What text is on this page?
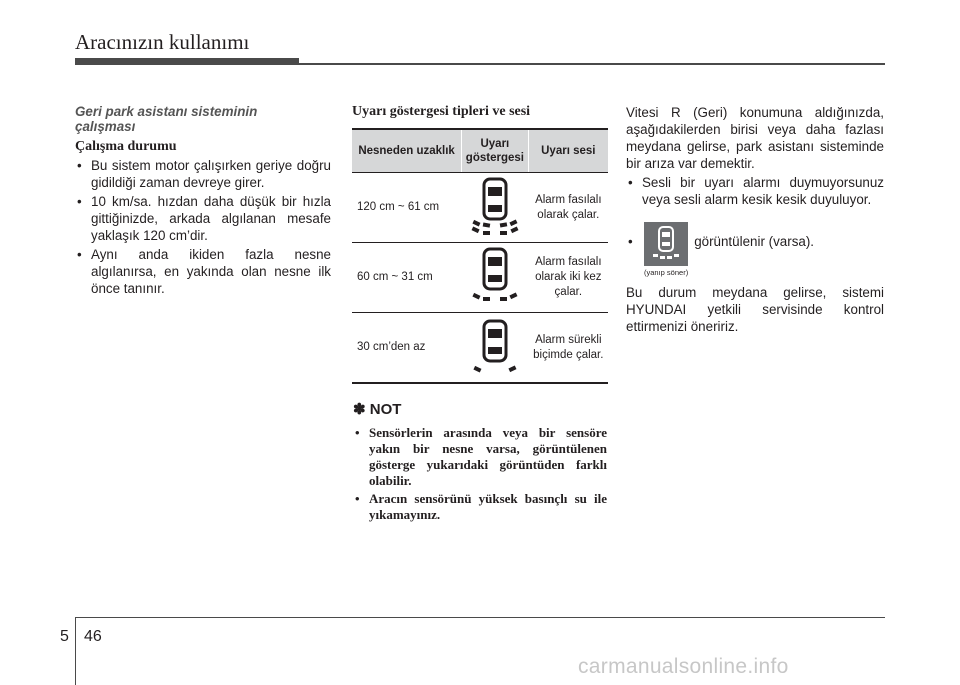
Aracınızın kullanımı
Geri park asistanı sisteminin çalışması
Çalışma durumu
• Bu sistem motor çalışırken geriye doğru gidildiği zaman devreye girer.
• 10 km/sa. hızdan daha düşük bir hızla gittiğinizde, arkada algılanan mesafe yaklaşık 120 cm’dir.
• Aynı anda ikiden fazla nesne algılanırsa, en yakında olan nesne ilk önce tanınır.
Uyarı göstergesi tipleri ve sesi
Nesneden uzaklık
Uyarı göstergesi
Uyarı sesi
120 cm ~ 61 cm
Alarm fasılalı olarak çalar.
60 cm ~ 31 cm
Alarm fasılalı olarak iki kez çalar.
30 cm’den az
Alarm sürekli biçimde çalar.
✽ NOT
• Sensörlerin arasında veya bir sensöre yakın bir nesne varsa, görüntülenen gösterge yukarıdaki görüntüden farklı olabilir.
• Aracın sensörünü yüksek basınçlı su ile yıkamayınız.
Vitesi R (Geri) konumuna aldığınızda, aşağıdakilerden birisi veya daha fazlası meydana gelirse, park asistanı sisteminde bir arıza var demektir.
• Sesli bir uyarı alarmı duymuyorsunuz veya sesli alarm kesik kesik duyuluyor.
•
(yanıp söner)
görüntülenir (varsa).
Bu durum meydana gelirse, sistemi HYUNDAI yetkili servisinde kontrol ettirmenizi öneririz.
5 46
carmanualsonline.info
